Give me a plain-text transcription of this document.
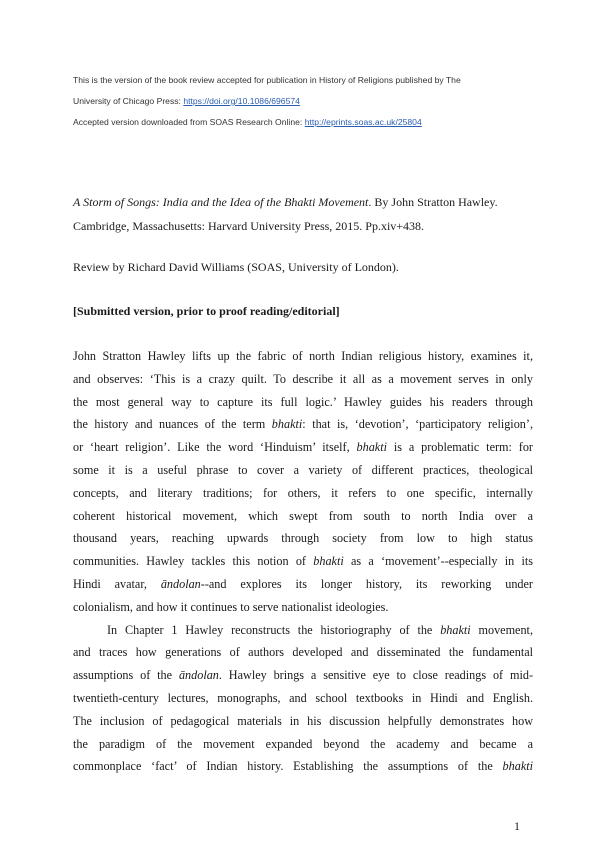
This is the version of the book review accepted for publication in History of Religions published by The

University of Chicago Press: https://doi.org/10.1086/696574

Accepted version downloaded from SOAS Research Online: http://eprints.soas.ac.uk/25804

A Storm of Songs: India and the Idea of the Bhakti Movement. By John Stratton Hawley. Cambridge, Massachusetts: Harvard University Press, 2015. Pp.xiv+438.

Review by Richard David Williams (SOAS, University of London).

[Submitted version, prior to proof reading/editorial]

John Stratton Hawley lifts up the fabric of north Indian religious history, examines it,
and observes: ‘This is a crazy quilt. To describe it all as a movement serves in only
the most general way to capture its full logic.’ Hawley guides his readers through
the history and nuances of the term bhakti: that is, ‘devotion’, ‘participatory religion’,
or ‘heart religion’. Like the word ‘Hinduism’ itself, bhakti is a problematic term: for
some it is a useful phrase to cover a variety of different practices, theological
concepts, and literary traditions; for others, it refers to one specific, internally
coherent historical movement, which swept from south to north India over a
thousand years, reaching upwards through society from low to high status
communities. Hawley tackles this notion of bhakti as a ‘movement’--especially in its
Hindi avatar, āndolan--and explores its longer history, its reworking under
colonialism, and how it continues to serve nationalist ideologies.
In Chapter 1 Hawley reconstructs the historiography of the bhakti movement,
and traces how generations of authors developed and disseminated the fundamental
assumptions of the āndolan. Hawley brings a sensitive eye to close readings of mid-
twentieth-century lectures, monographs, and school textbooks in Hindi and English.
The inclusion of pedagogical materials in his discussion helpfully demonstrates how
the paradigm of the movement expanded beyond the academy and became a
commonplace ‘fact’ of Indian history. Establishing the assumptions of the bhakti
1
